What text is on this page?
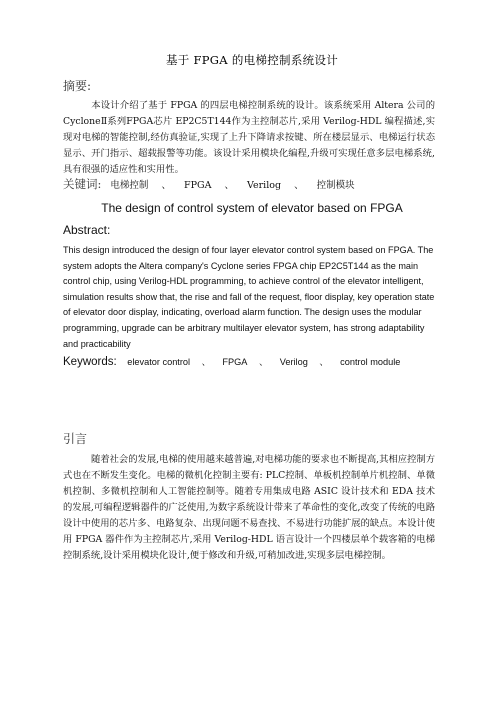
基于 FPGA 的电梯控制系统设计
摘要:
本设计介绍了基于 FPGA 的四层电梯控制系统的设计。该系统采用 Altera 公司的CycloneⅡ系列FPGA芯片 EP2C5T144作为主控制芯片,采用 Verilog-HDL 编程描述,实现对电梯的智能控制,经仿真验证,实现了上升下降请求按键、所在楼层显示、电梯运行状态显示、开门指示、超载报警等功能。该设计采用模块化编程,升级可实现任意多层电梯系统,具有很强的适应性和实用性。
关键词: 电梯控制 、 FPGA 、 Verilog 、 控制模块
The design of control system of elevator based on FPGA
Abstract:
This design introduced the design of four layer elevator control system based on FPGA. The system adopts the Altera company's Cyclone series FPGA chip EP2C5T144 as the main control chip, using Verilog-HDL programming, to achieve control of the elevator intelligent, simulation results show that, the rise and fall of the request, floor display, key operation state of elevator door display, indicating, overload alarm function. The design uses the modular programming, upgrade can be arbitrary multilayer elevator system, has strong adaptability and practicability
Keywords: elevator control 、 FPGA 、 Verilog 、 control module
引言
随着社会的发展,电梯的使用越来越普遍,对电梯功能的要求也不断提高,其相应控制方式也在不断发生变化。电梯的微机化控制主要有: PLC控制、单板机控制单片机控制、单微机控制、多微机控制和人工智能控制等。随着专用集成电路 ASIC 设计技术和 EDA 技术的发展,可编程逻辑器件的广泛使用,为数字系统设计带来了革命性的变化,改变了传统的电路设计中使用的芯片多、电路复杂、出现问题不易查找、不易进行功能扩展的缺点。本设计使用 FPGA 器件作为主控制芯片,采用 Verilog-HDL 语言设计一个四楼层单个载客箱的电梯控制系统,设计采用模块化设计,便于修改和升级,可稍加改进,实现多层电梯控制。
